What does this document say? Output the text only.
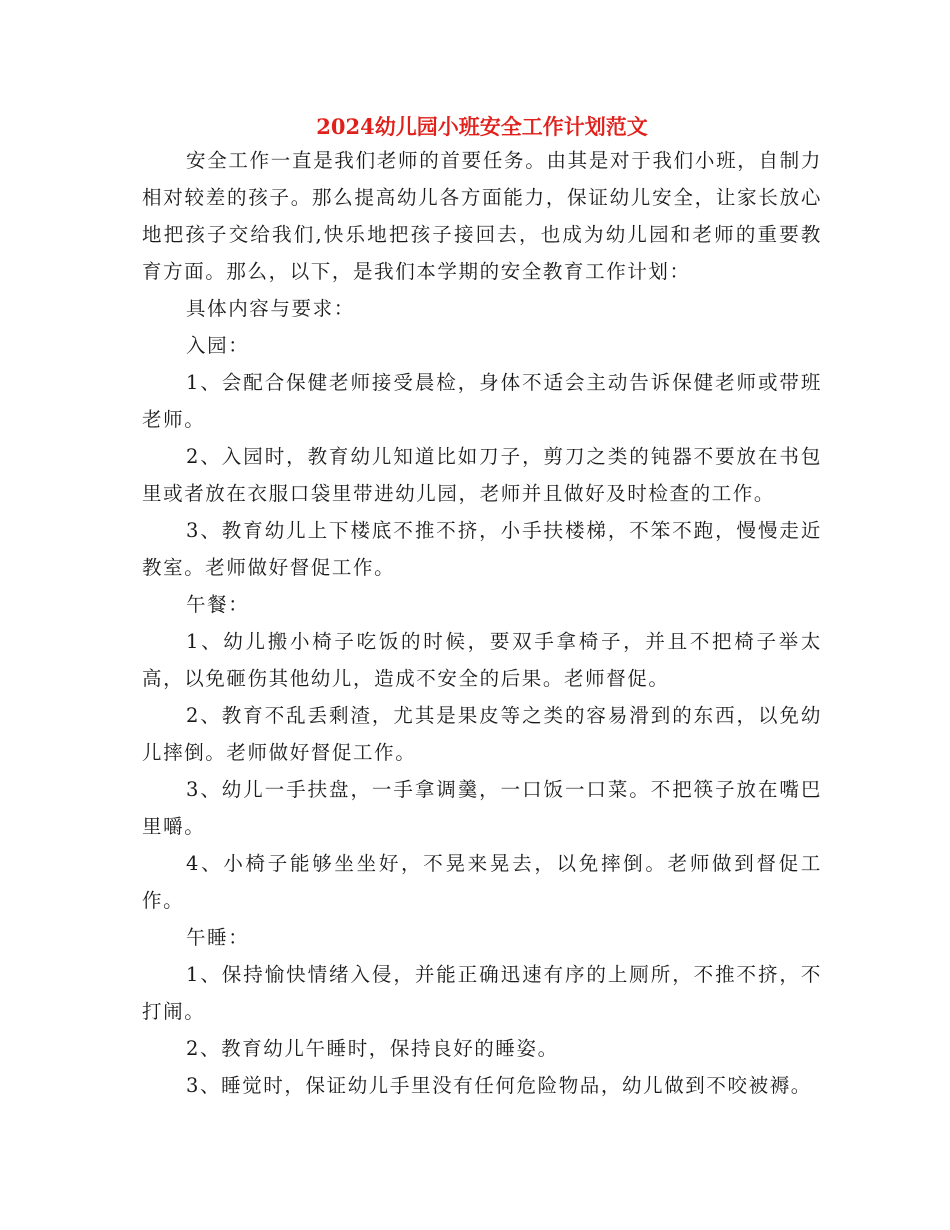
2024幼儿园小班安全工作计划范文

安全工作一直是我们老师的首要任务。由其是对于我们小班，自制力相对较差的孩子。那么提高幼儿各方面能力，保证幼儿安全，让家长放心地把孩子交给我们,快乐地把孩子接回去，也成为幼儿园和老师的重要教育方面。那么，以下，是我们本学期的安全教育工作计划：

具体内容与要求：

入园：

1、会配合保健老师接受晨检，身体不适会主动告诉保健老师或带班老师。

2、入园时，教育幼儿知道比如刀子，剪刀之类的钝器不要放在书包里或者放在衣服口袋里带进幼儿园，老师并且做好及时检查的工作。

3、教育幼儿上下楼底不推不挤，小手扶楼梯，不笨不跑，慢慢走近教室。老师做好督促工作。

午餐：

1、幼儿搬小椅子吃饭的时候，要双手拿椅子，并且不把椅子举太高，以免砸伤其他幼儿，造成不安全的后果。老师督促。

2、教育不乱丢剩渣，尤其是果皮等之类的容易滑到的东西，以免幼儿摔倒。老师做好督促工作。

3、幼儿一手扶盘，一手拿调羹，一口饭一口菜。不把筷子放在嘴巴里嚼。

4、小椅子能够坐坐好，不晃来晃去，以免摔倒。老师做到督促工作。

午睡：

1、保持愉快情绪入侵，并能正确迅速有序的上厕所，不推不挤，不打闹。

2、教育幼儿午睡时，保持良好的睡姿。

3、睡觉时，保证幼儿手里没有任何危险物品，幼儿做到不咬被褥。
